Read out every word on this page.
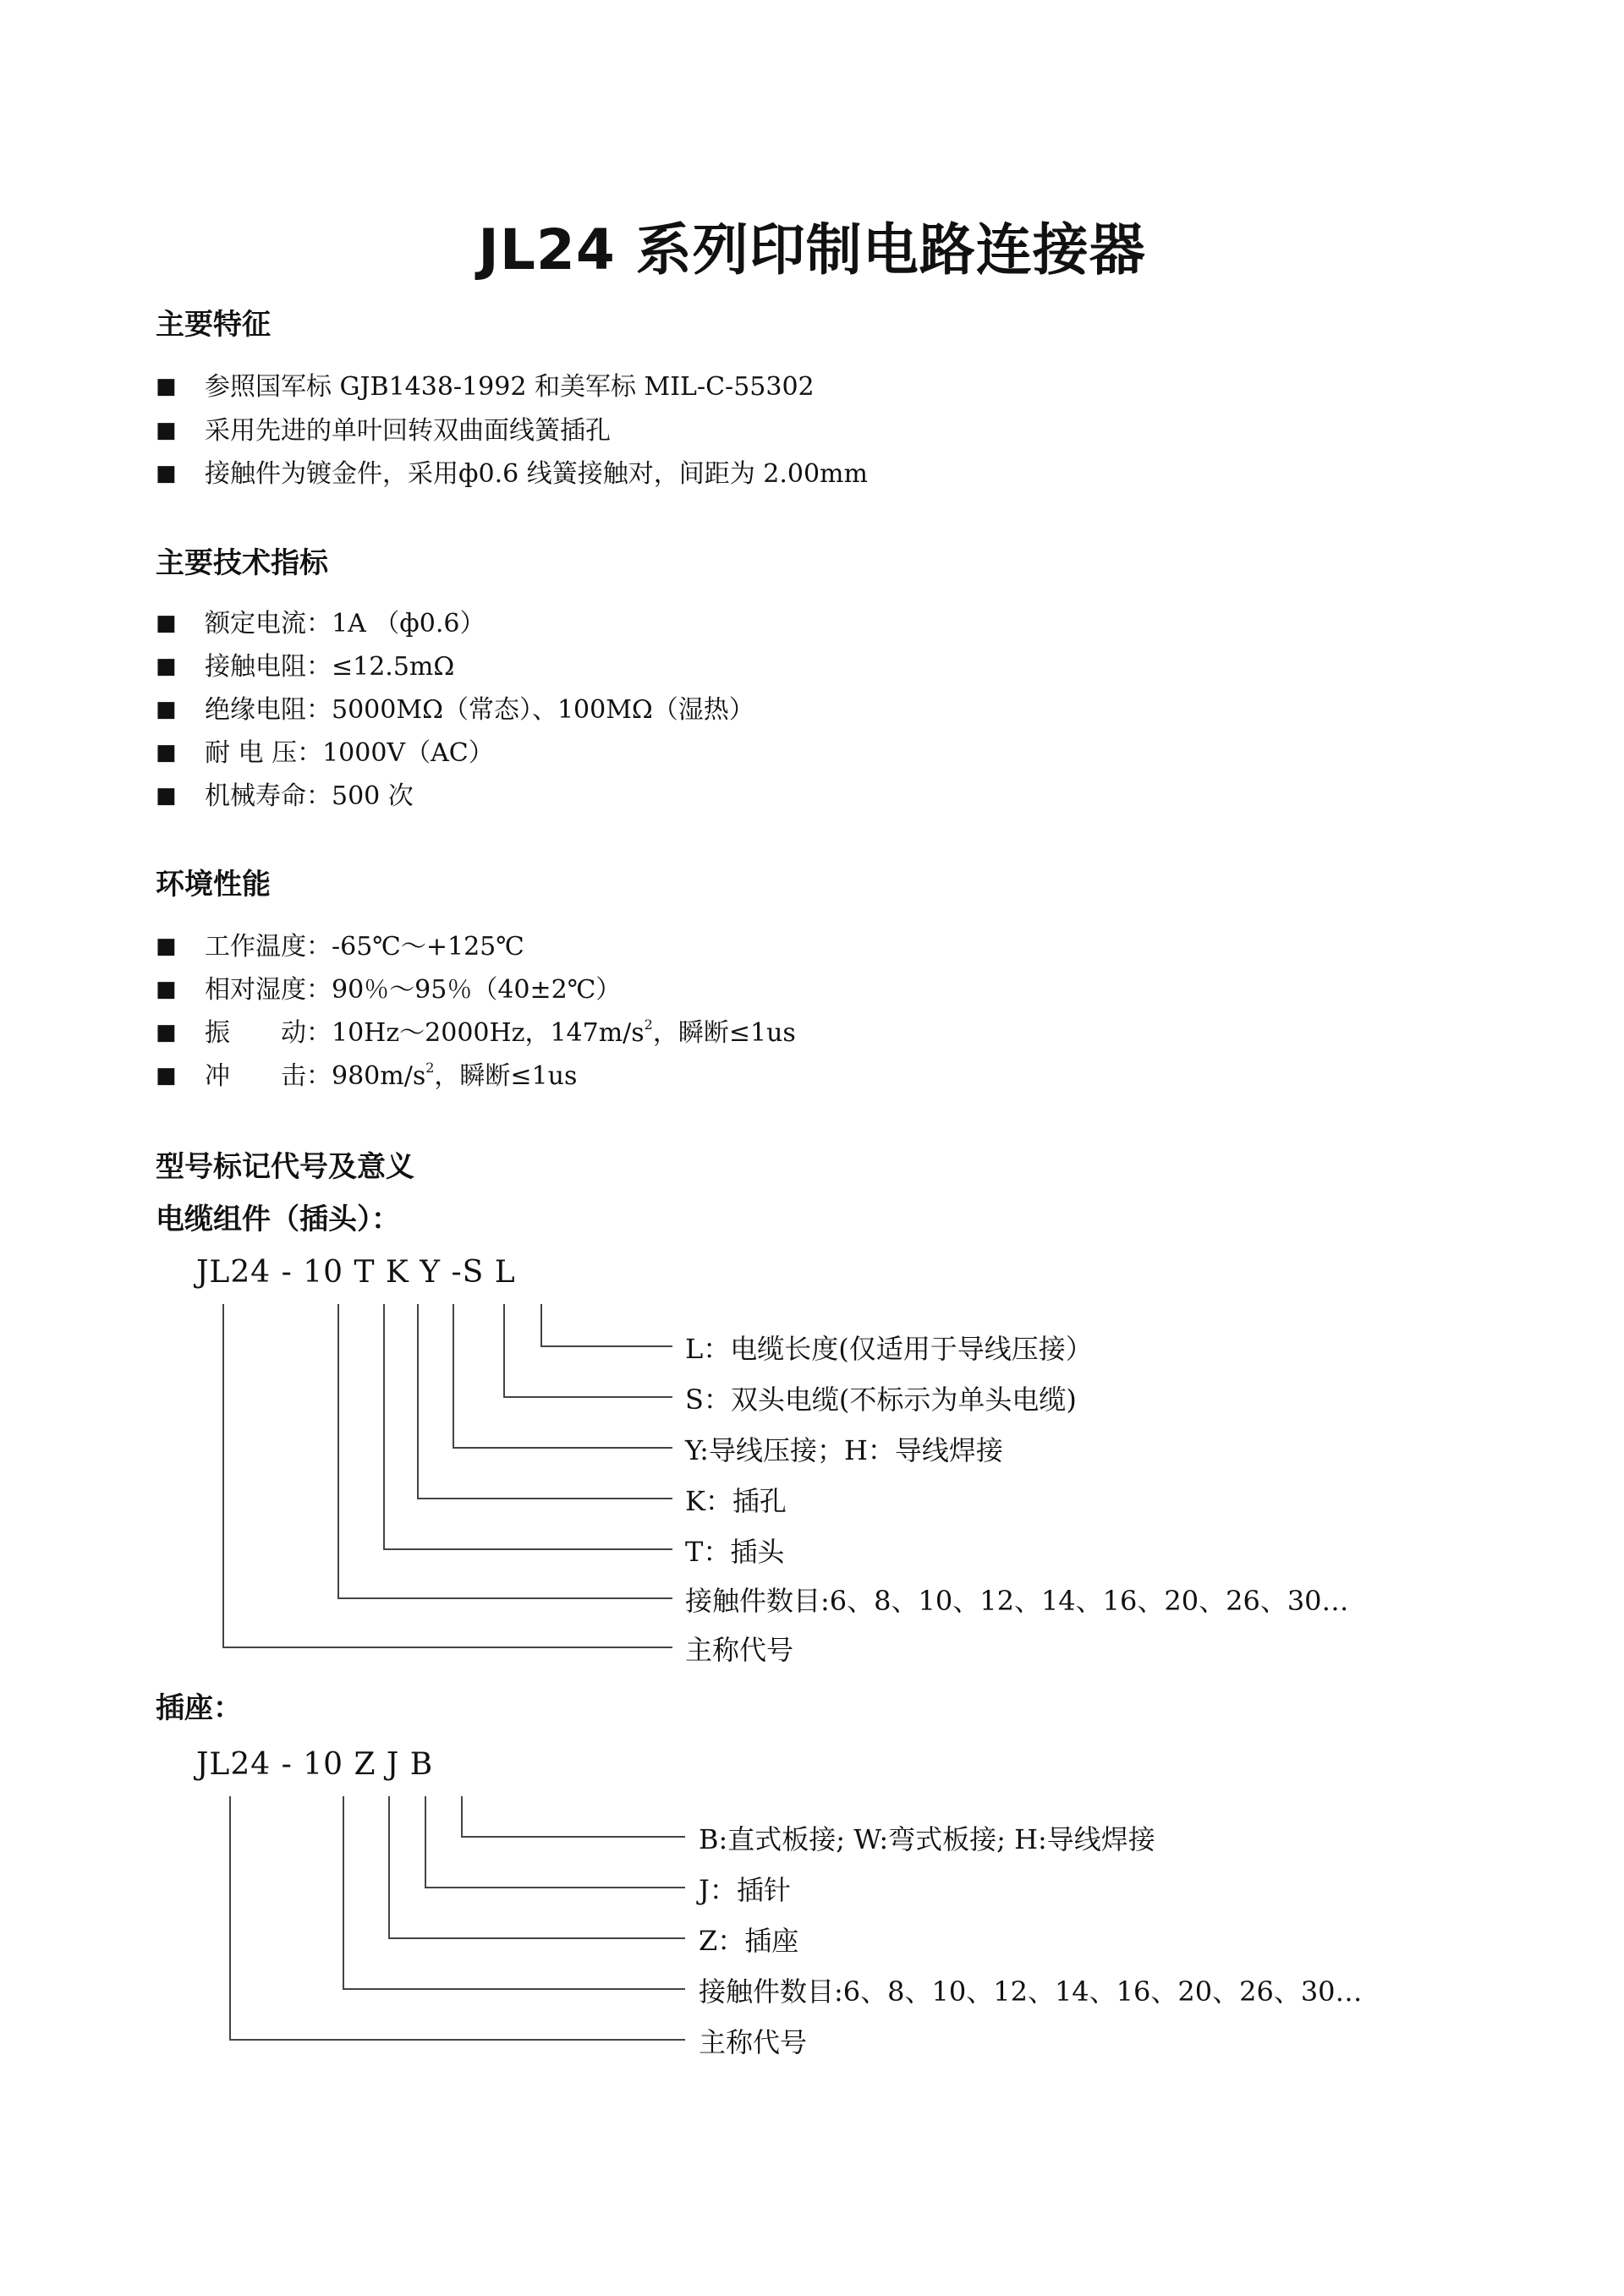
JL24 系列印制电路连接器
主要特征

■ 参照国军标 GJB1438-1992 和美军标 MIL-C-55302

■ 采用先进的单叶回转双曲面线簧插孔

■ 接触件为镀金件，采用ф0.6 线簧接触对，间距为 2.00mm

主要技术指标

■ 额定电流：1A （ф0.6）

■ 接触电阻：≤12.5mΩ

■ 绝缘电阻：5000MΩ（常态）、100MΩ（湿热）

■ 耐 电 压：1000V（AC）

■ 机械寿命：500 次

环境性能

■ 工作温度：-65℃～+125℃

■ 相对湿度：90％～95％（40±2℃）

■ 振　　动：10Hz～2000Hz，$147m/s^2$，瞬断≤1us

■ 冲　　击：$980m/s^2$，瞬断≤1us

型号标记代号及意义
电缆组件（插头）：

JL24 - 10 T K Y -S L

L：电缆长度(仅适用于导线压接）

S：双头电缆(不标示为单头电缆)

Y:导线压接；H：导线焊接

K：插孔

T：插头

接触件数目:6、8、10、12、14、16、20、26、30…

主称代号

插座：

JL24 - 10 Z J B

B:直式板接; W:弯式板接; H:导线焊接

J：插针

Z：插座

接触件数目:6、8、10、12、14、16、20、26、30…

主称代号
